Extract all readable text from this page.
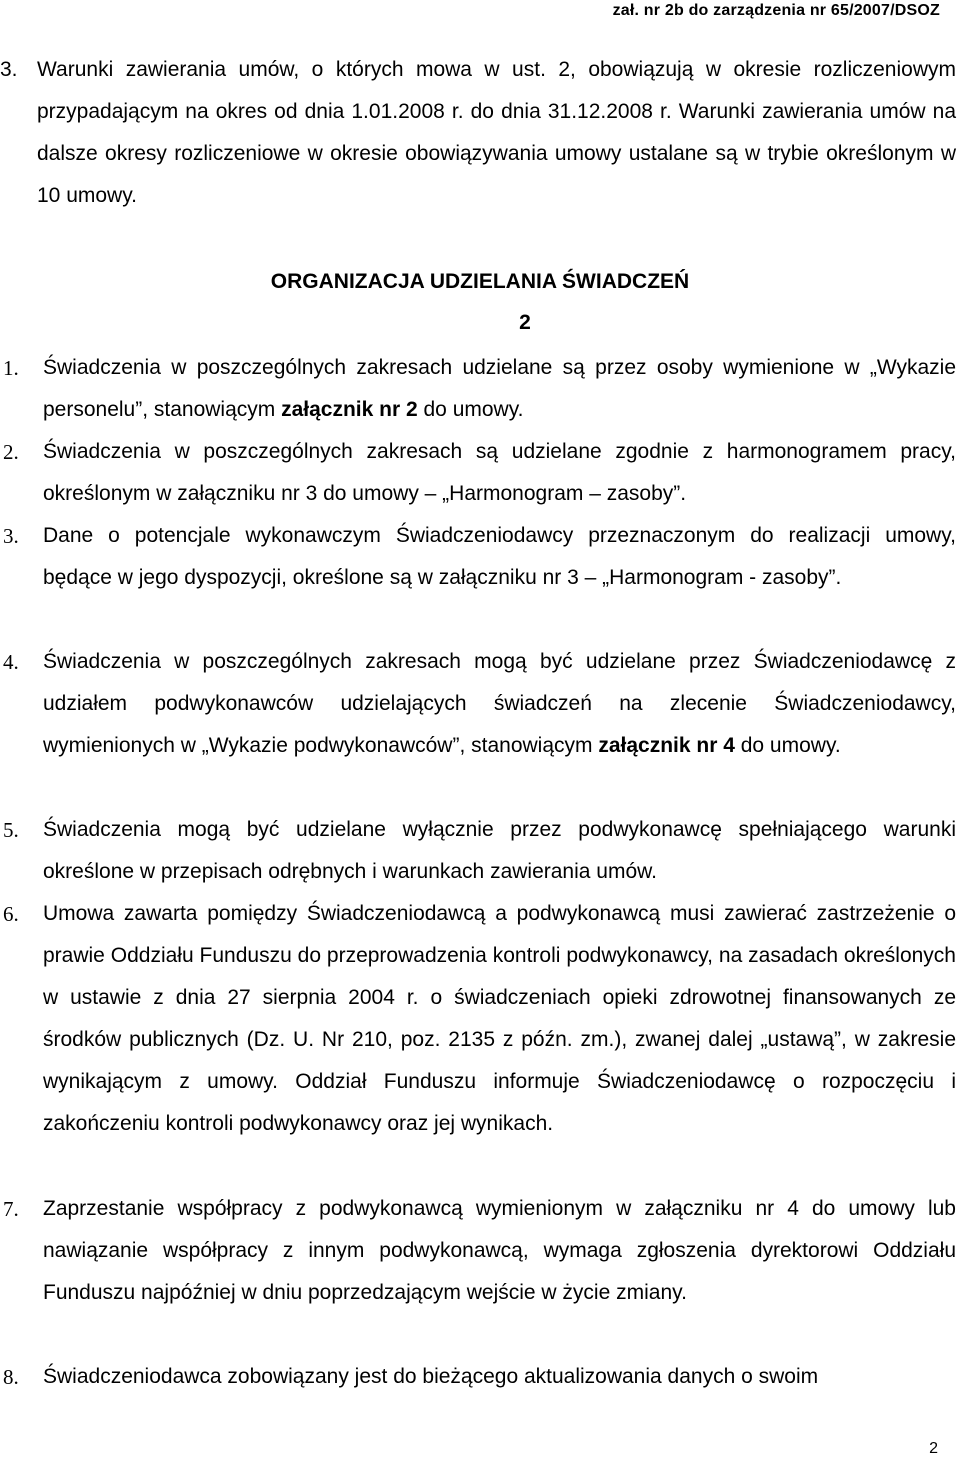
zał. nr 2b do zarządzenia nr 65/2007/DSOZ
3. Warunki zawierania umów, o których mowa w ust. 2, obowiązują w okresie rozliczeniowym przypadającym na okres od dnia 1.01.2008 r. do dnia 31.12.2008 r. Warunki zawierania umów na dalsze okresy rozliczeniowe w okresie obowiązywania umowy ustalane są w trybie określonym w 10 umowy.
ORGANIZACJA UDZIELANIA ŚWIADCZEŃ
2
1. Świadczenia w poszczególnych zakresach udzielane są przez osoby wymienione w „Wykazie personelu”, stanowiącym załącznik nr 2 do umowy.
2. Świadczenia w poszczególnych zakresach są udzielane zgodnie z harmonogramem pracy, określonym w załączniku nr 3 do umowy – „Harmonogram – zasoby”.
3. Dane o potencjale wykonawczym Świadczeniodawcy przeznaczonym do realizacji umowy, będące w jego dyspozycji, określone są w załączniku nr 3 – „Harmonogram - zasoby”.
4. Świadczenia w poszczególnych zakresach mogą być udzielane przez Świadczeniodawcę z udziałem podwykonawców udzielających świadczeń na zlecenie Świadczeniodawcy, wymienionych w „Wykazie podwykonawców”, stanowiącym załącznik nr 4 do umowy.
5. Świadczenia mogą być udzielane wyłącznie przez podwykonawcę spełniającego warunki określone w przepisach odrębnych i warunkach zawierania umów.
6. Umowa zawarta pomiędzy Świadczeniodawcą a podwykonawcą musi zawierać zastrzeżenie o prawie Oddziału Funduszu do przeprowadzenia kontroli podwykonawcy, na zasadach określonych w ustawie z dnia 27 sierpnia 2004 r. o świadczeniach opieki zdrowotnej finansowanych ze środków publicznych (Dz. U. Nr 210, poz. 2135 z późn. zm.), zwanej dalej „ustawą”, w zakresie wynikającym z umowy. Oddział Funduszu informuje Świadczeniodawcę o rozpoczęciu i zakończeniu kontroli podwykonawcy oraz jej wynikach.
7. Zaprzestanie współpracy z podwykonawcą wymienionym w załączniku nr 4 do umowy lub nawiązanie współpracy z innym podwykonawcą, wymaga zgłoszenia dyrektorowi Oddziału Funduszu najpóźniej w dniu poprzedzającym wejście w życie zmiany.
8. Świadczeniodawca zobowiązany jest do bieżącego aktualizowania danych o swoim
2
